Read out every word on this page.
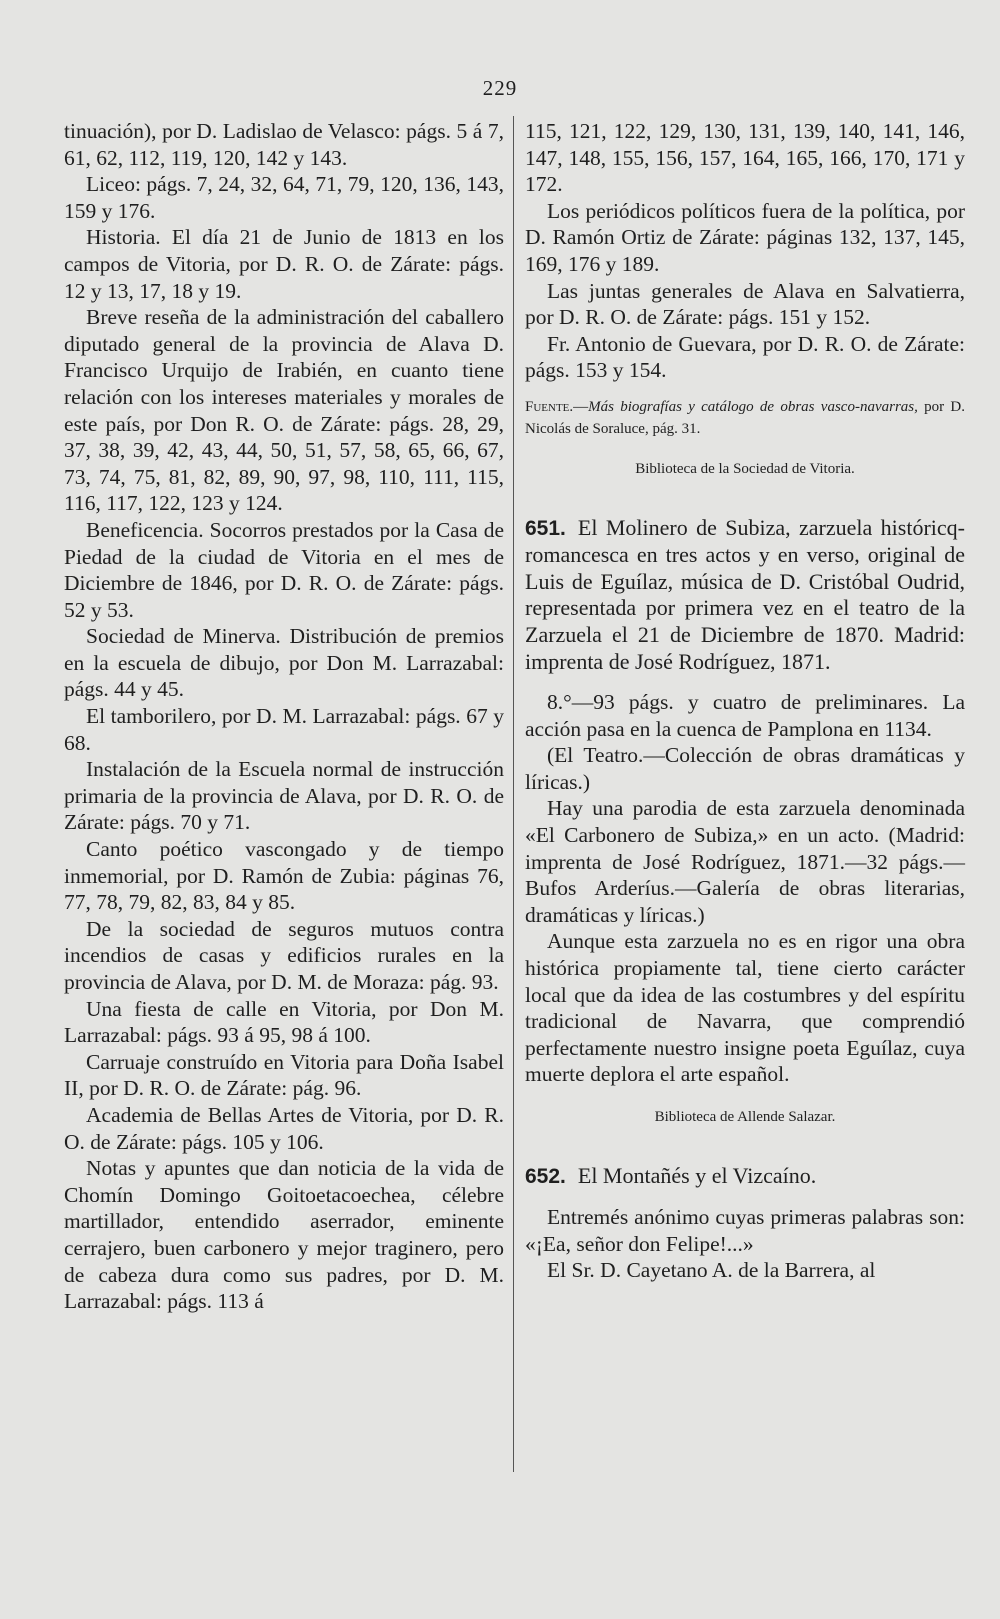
229

tinuación), por D. Ladislao de Velasco: págs. 5 á 7, 61, 62, 112, 119, 120, 142 y 143.

Liceo: págs. 7, 24, 32, 64, 71, 79, 120, 136, 143, 159 y 176.

Historia. El día 21 de Junio de 1813 en los campos de Vitoria, por D. R. O. de Zárate: págs. 12 y 13, 17, 18 y 19.

Breve reseña de la administración del caballero diputado general de la provincia de Alava D. Francisco Urquijo de Irabién, en cuanto tiene relación con los intereses materiales y morales de este país, por Don R. O. de Zárate: págs. 28, 29, 37, 38, 39, 42, 43, 44, 50, 51, 57, 58, 65, 66, 67, 73, 74, 75, 81, 82, 89, 90, 97, 98, 110, 111, 115, 116, 117, 122, 123 y 124.

Beneficencia. Socorros prestados por la Casa de Piedad de la ciudad de Vitoria en el mes de Diciembre de 1846, por D. R. O. de Zárate: págs. 52 y 53.

Sociedad de Minerva. Distribución de premios en la escuela de dibujo, por Don M. Larrazabal: págs. 44 y 45.

El tamborilero, por D. M. Larrazabal: págs. 67 y 68.

Instalación de la Escuela normal de instrucción primaria de la provincia de Alava, por D. R. O. de Zárate: págs. 70 y 71.

Canto poético vascongado y de tiempo inmemorial, por D. Ramón de Zubia: páginas 76, 77, 78, 79, 82, 83, 84 y 85.

De la sociedad de seguros mutuos contra incendios de casas y edificios rurales en la provincia de Alava, por D. M. de Moraza: pág. 93.

Una fiesta de calle en Vitoria, por Don M. Larrazabal: págs. 93 á 95, 98 á 100.

Carruaje construído en Vitoria para Doña Isabel II, por D. R. O. de Zárate: pág. 96.

Academia de Bellas Artes de Vitoria, por D. R. O. de Zárate: págs. 105 y 106.

Notas y apuntes que dan noticia de la vida de Chomín Domingo Goitoetacoechea, célebre martillador, entendido aserrador, eminente cerrajero, buen carbonero y mejor traginero, pero de cabeza dura como sus padres, por D. M. Larrazabal: págs. 113 á

115, 121, 122, 129, 130, 131, 139, 140, 141, 146, 147, 148, 155, 156, 157, 164, 165, 166, 170, 171 y 172.

Los periódicos políticos fuera de la política, por D. Ramón Ortiz de Zárate: páginas 132, 137, 145, 169, 176 y 189.

Las juntas generales de Alava en Salvatierra, por D. R. O. de Zárate: págs. 151 y 152.

Fr. Antonio de Guevara, por D. R. O. de Zárate: págs. 153 y 154.

Fuente.—Más biografías y catálogo de obras vasco-navarras, por D. Nicolás de Soraluce, pág. 31.

Biblioteca de la Sociedad de Vitoria.

651. El Molinero de Subiza, zarzuela históricq-romancesca en tres actos y en verso, original de Luis de Eguílaz, música de D. Cristóbal Oudrid, representada por primera vez en el teatro de la Zarzuela el 21 de Diciembre de 1870. Madrid: imprenta de José Rodríguez, 1871.

8.°—93 págs. y cuatro de preliminares. La acción pasa en la cuenca de Pamplona en 1134.

(El Teatro.—Colección de obras dramáticas y líricas.)

Hay una parodia de esta zarzuela denominada «El Carbonero de Subiza,» en un acto. (Madrid: imprenta de José Rodríguez, 1871.—32 págs.—Bufos Arderíus.—Galería de obras literarias, dramáticas y líricas.)

Aunque esta zarzuela no es en rigor una obra histórica propiamente tal, tiene cierto carácter local que da idea de las costumbres y del espíritu tradicional de Navarra, que comprendió perfectamente nuestro insigne poeta Eguílaz, cuya muerte deplora el arte español.

Biblioteca de Allende Salazar.

652. El Montañés y el Vizcaíno.

Entremés anónimo cuyas primeras palabras son: «¡Ea, señor don Felipe!...»

El Sr. D. Cayetano A. de la Barrera, al
